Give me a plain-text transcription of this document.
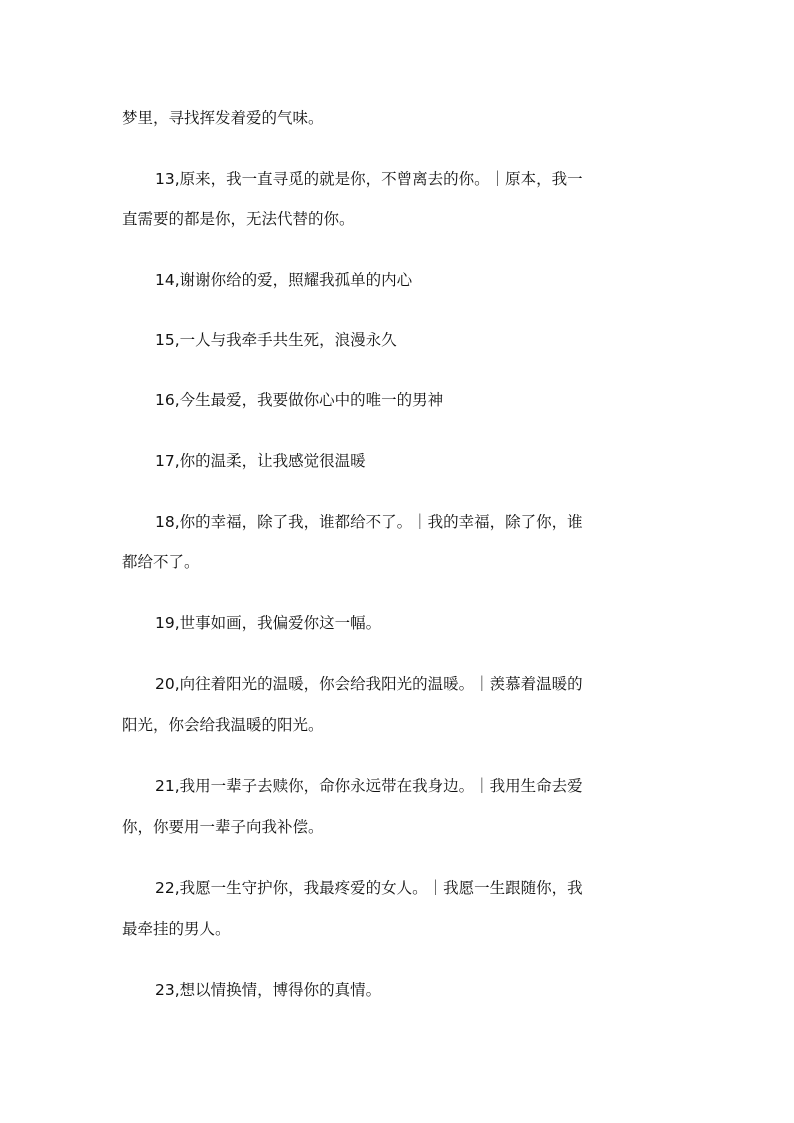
梦里，寻找挥发着爱的气味。
13,原来，我一直寻觅的就是你，不曾离去的你。｜原本，我一
直需要的都是你，无法代替的你。
14,谢谢你给的爱，照耀我孤单的内心
15,一人与我牵手共生死，浪漫永久
16,今生最爱，我要做你心中的唯一的男神
17,你的温柔，让我感觉很温暖
18,你的幸福，除了我，谁都给不了。｜我的幸福，除了你，谁
都给不了。
19,世事如画，我偏爱你这一幅。
20,向往着阳光的温暖，你会给我阳光的温暖。｜羡慕着温暖的
阳光，你会给我温暖的阳光。
21,我用一辈子去赎你，命你永远带在我身边。｜我用生命去爱
你，你要用一辈子向我补偿。
22,我愿一生守护你，我最疼爱的女人。｜我愿一生跟随你，我
最牵挂的男人。
23,想以情换情，博得你的真情。
